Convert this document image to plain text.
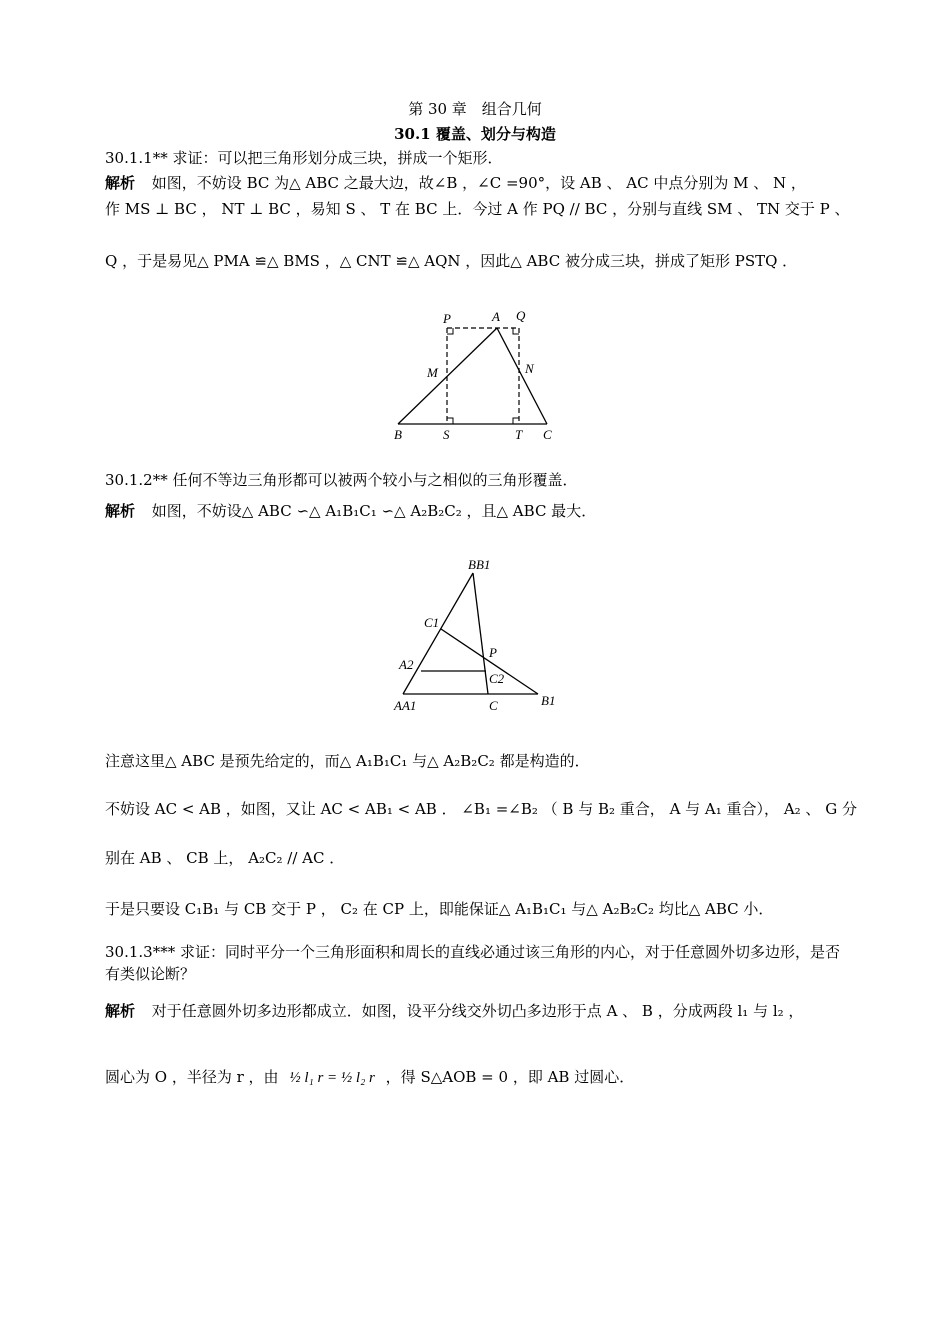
第 30 章　组合几何
30.1 覆盖、划分与构造
30.1.1** 求证：可以把三角形划分成三块，拼成一个矩形．
解析 如图，不妨设 BC 为△ ABC 之最大边，故∠B ，∠C =90°，设 AB 、 AC 中点分别为 M 、 N ，
作 MS ⊥ BC ， NT ⊥ BC ，易知 S 、 T 在 BC 上．今过 A 作 PQ // BC ，分别与直线 SM 、 TN 交于 P 、
Q ，于是易见△ PMA ≌△ BMS ，△ CNT ≌△ AQN ，因此△ ABC 被分成三块，拼成了矩形 PSTQ ．
P	A Q
M	N
B	S	T C
30.1.2** 任何不等边三角形都可以被两个较小与之相似的三角形覆盖．
解析 如图，不妨设△ ABC ∽△ A₁B₁C₁ ∽△ A₂B₂C₂ ，且△ ABC 最大．
BB1
C1
P
A2
C2
AA1	C	B1
注意这里△ ABC 是预先给定的，而△ A₁B₁C₁ 与△ A₂B₂C₂ 都是构造的．
不妨设 AC < AB ，如图，又让 AC < AB₁ < AB ． ∠B₁ =∠B₂ （ B 与 B₂ 重合， A 与 A₁ 重合）， A₂ 、 G 分
别在 AB 、 CB 上， A₂C₂ // AC ．
于是只要设 C₁B₁ 与 CB 交于 P ， C₂ 在 CP 上，即能保证△ A₁B₁C₁ 与△ A₂B₂C₂ 均比△ ABC 小．
30.1.3*** 求证：同时平分一个三角形面积和周长的直线必通过该三角形的内心，对于任意圆外切多边形，是否有类似论断？
解析 对于任意圆外切多边形都成立．如图，设平分线交外切凸多边形于点 A 、 B ，分成两段 l₁ 与 l₂ ，
圆心为 O ，半径为 r ，由 ½ l₁ r = ½ l₂ r ，得 S△AOB = 0 ，即 AB 过圆心．
